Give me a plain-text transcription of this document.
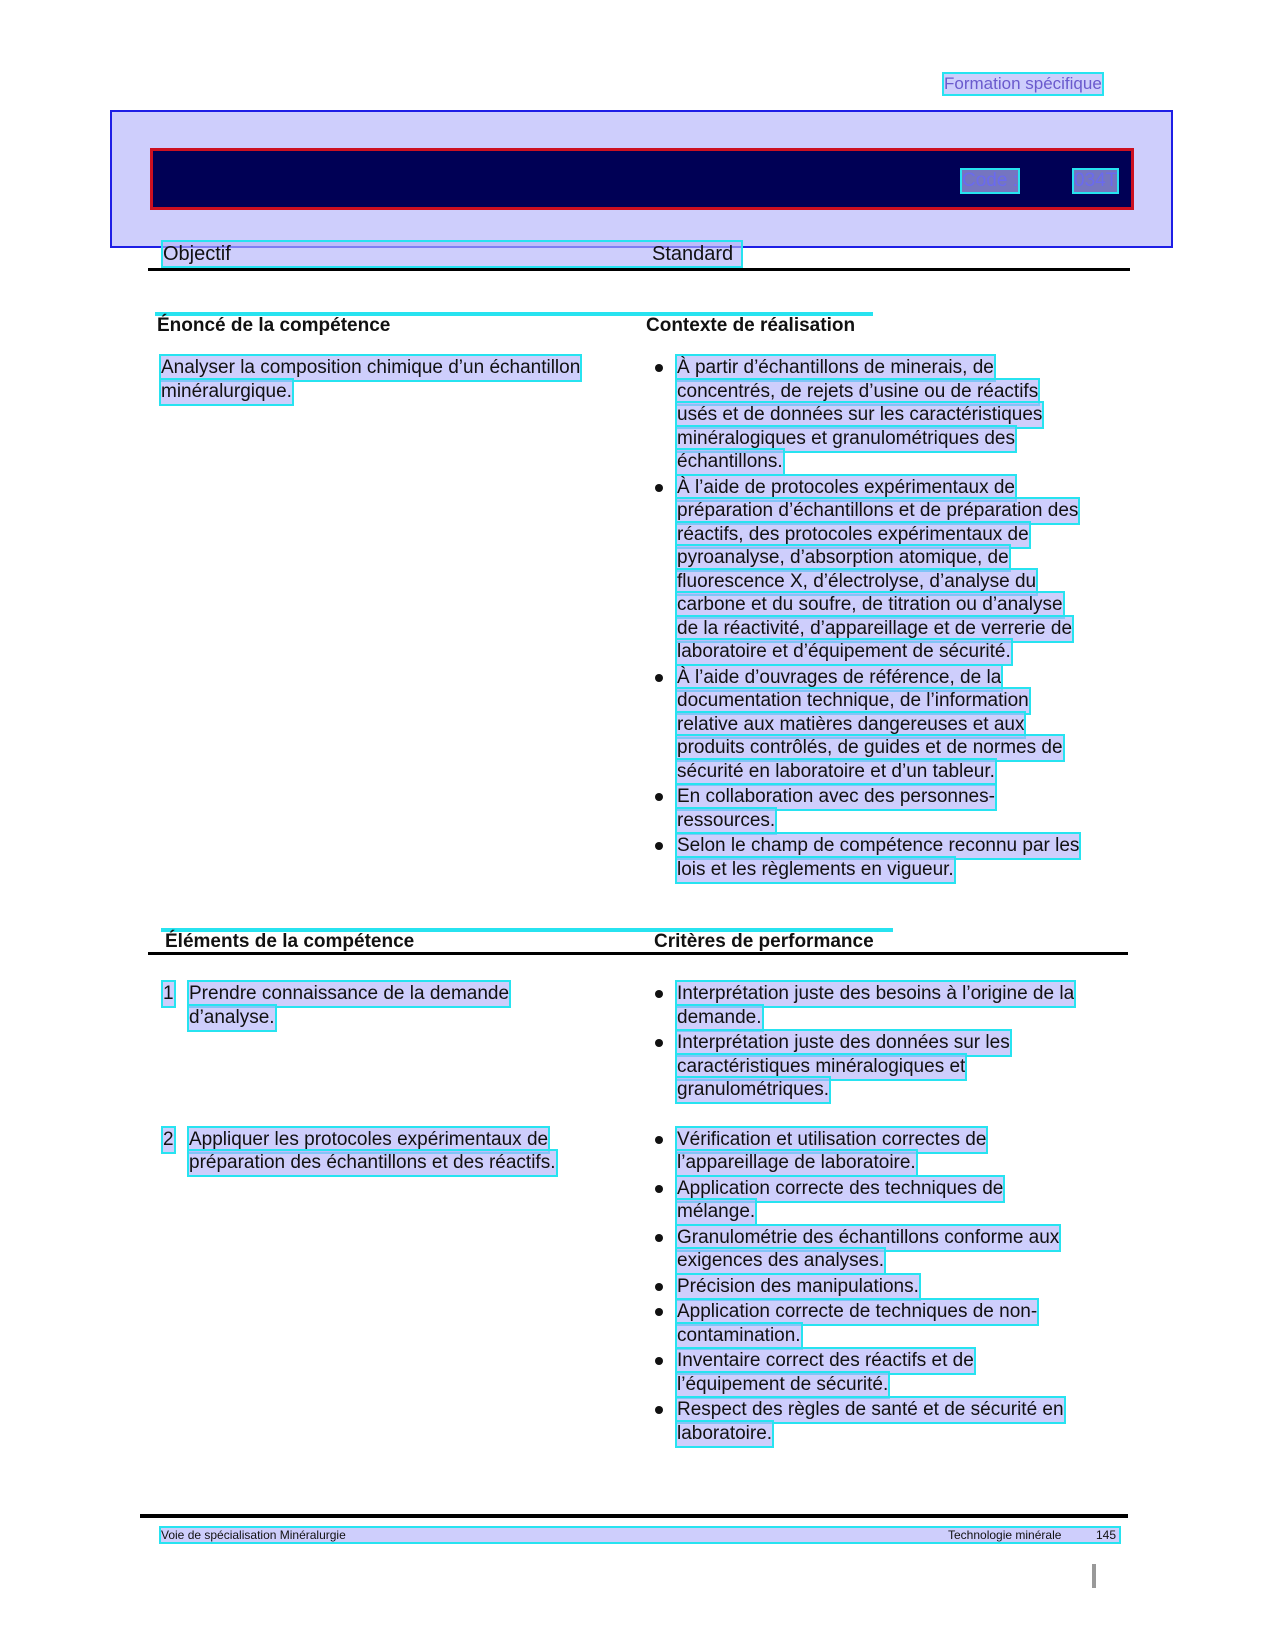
Formation spécifique
Code :	034T
Objectif	Standard
Énoncé de la compétence	Contexte de réalisation
Analyser la composition chimique d’un échantillon
minéralurgique.
À partir d’échantillons de minerais, de
concentrés, de rejets d’usine ou de réactifs
usés et de données sur les caractéristiques
minéralogiques et granulométriques des
échantillons.
À l’aide de protocoles expérimentaux de
préparation d’échantillons et de préparation des
réactifs, des protocoles expérimentaux de
pyroanalyse, d’absorption atomique, de
fluorescence X, d’électrolyse, d’analyse du
carbone et du soufre, de titration ou d’analyse
de la réactivité, d’appareillage et de verrerie de
laboratoire et d’équipement de sécurité.
À l’aide d’ouvrages de référence, de la
documentation technique, de l’information
relative aux matières dangereuses et aux
produits contrôlés, de guides et de normes de
sécurité en laboratoire et d’un tableur.
En collaboration avec des personnes-
ressources.
Selon le champ de compétence reconnu par les
lois et les règlements en vigueur.
Éléments de la compétence	Critères de performance
1 Prendre connaissance de la demande
d’analyse.
Interprétation juste des besoins à l’origine de la
demande.
Interprétation juste des données sur les
caractéristiques minéralogiques et
granulométriques.
2 Appliquer les protocoles expérimentaux de
préparation des échantillons et des réactifs.
Vérification et utilisation correctes de
l’appareillage de laboratoire.
Application correcte des techniques de
mélange.
Granulométrie des échantillons conforme aux
exigences des analyses.
Précision des manipulations.
Application correcte de techniques de non-
contamination.
Inventaire correct des réactifs et de
l’équipement de sécurité.
Respect des règles de santé et de sécurité en
laboratoire.
Voie de spécialisation Minéralurgie	Technologie minérale	145
